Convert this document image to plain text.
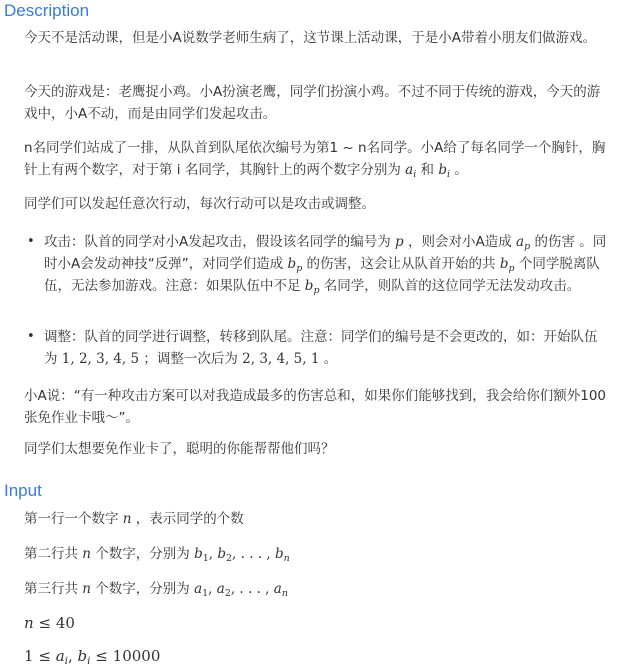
Description

今天不是活动课，但是小A说数学老师生病了，这节课上活动课，于是小A带着小朋友们做游戏。

今天的游戏是：老鹰捉小鸡。小A扮演老鹰，同学们扮演小鸡。不过不同于传统的游戏，今天的游戏中，小A不动，而是由同学们发起攻击。

n名同学们站成了一排，从队首到队尾依次编号为第1 ~ n名同学。小A给了每名同学一个胸针，胸针上有两个数字，对于第 i 名同学，其胸针上的两个数字分别为 $a_i$ 和 $b_i$ 。

同学们可以发起任意次行动，每次行动可以是攻击或调整。

• 攻击：队首的同学对小A发起攻击，假设该名同学的编号为 p ，则会对小A造成 $a_p$ 的伤害 。同时小A会发动神技“反弹”，对同学们造成 $b_p$ 的伤害，这会让从队首开始的共 $b_p$ 个同学脱离队伍，无法参加游戏。注意：如果队伍中不足 $b_p$ 名同学，则队首的这位同学无法发动攻击。

• 调整：队首的同学进行调整，转移到队尾。注意：同学们的编号是不会更改的，如：开始队伍为 1, 2, 3, 4, 5 ；调整一次后为 2, 3, 4, 5, 1 。

小A说：“有一种攻击方案可以对我造成最多的伤害总和，如果你们能够找到，我会给你们额外100张免作业卡哦～”。

同学们太想要免作业卡了，聪明的你能帮帮他们吗？

Input

第一行一个数字 n ，表示同学的个数

第二行共 n 个数字，分别为 $b_1$, $b_2$, . . . , $b_n$

第三行共 n 个数字，分别为 $a_1$, $a_2$, . . . , $a_n$

n ≤ 40

$1 \le a_i$, $b_i \le 10000$
